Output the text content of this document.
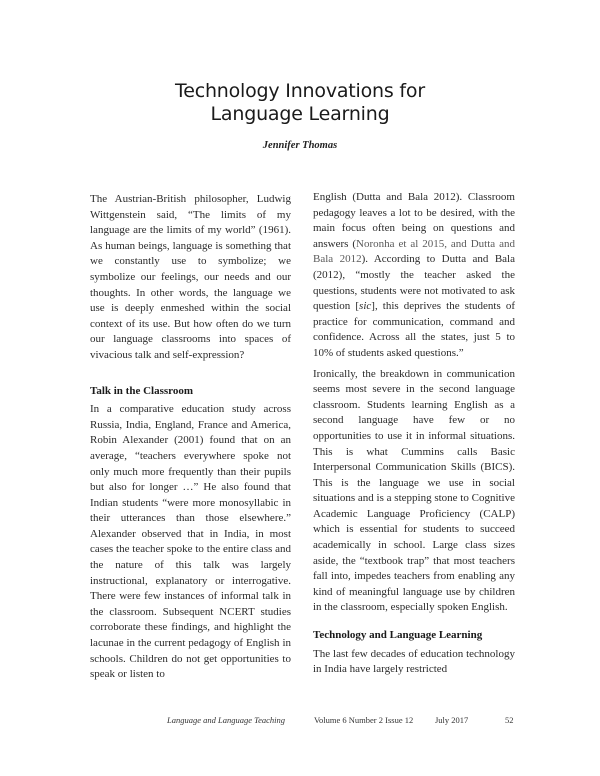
Technology Innovations for
Language Learning
Jennifer Thomas

The Austrian-British philosopher, Ludwig Wittgenstein said, “The limits of my language are the limits of my world” (1961). As human beings, language is something that we constantly use to symbolize; we symbolize our feelings, our needs and our thoughts. In other words, the language we use is deeply enmeshed within the social context of its use. But how often do we turn our language classrooms into spaces of vivacious talk and self-expression?

Talk in the Classroom

In a comparative education study across Russia, India, England, France and America, Robin Alexander (2001) found that on an average, “teachers everywhere spoke not only much more frequently than their pupils but also for longer …” He also found that Indian students “were more monosyllabic in their utterances than those elsewhere.” Alexander observed that in India, in most cases the teacher spoke to the entire class and the nature of this talk was largely instructional, explanatory or interrogative. There were few instances of informal talk in the classroom. Subsequent NCERT studies corroborate these findings, and highlight the lacunae in the current pedagogy of English in schools. Children do not get opportunities to speak or listen to

English (Dutta and Bala 2012). Classroom pedagogy leaves a lot to be desired, with the main focus often being on questions and answers (Noronha et al 2015, and Dutta and Bala 2012). According to Dutta and Bala (2012), “mostly the teacher asked the questions, students were not motivated to ask question [sic], this deprives the students of practice for communication, command and confidence. Across all the states, just 5 to 10% of students asked questions.”

Ironically, the breakdown in communication seems most severe in the second language classroom. Students learning English as a second language have few or no opportunities to use it in informal situations. This is what Cummins calls Basic Interpersonal Communication Skills (BICS). This is the language we use in social situations and is a stepping stone to Cognitive Academic Language Proficiency (CALP) which is essential for students to succeed academically in school. Large class sizes aside, the “textbook trap” that most teachers fall into, impedes teachers from enabling any kind of meaningful language use by children in the classroom, especially spoken English.

Technology and Language Learning

The last few decades of education technology in India have largely restricted

Language and Language Teaching	Volume 6 Number 2 Issue 12	July 2017	52
